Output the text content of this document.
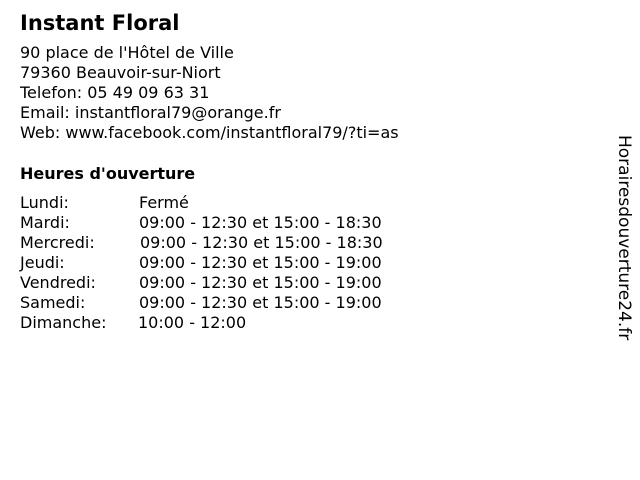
Instant Floral
90 place de l'Hôtel de Ville
79360 Beauvoir-sur-Niort
Telefon: 05 49 09 63 31
Email: instantfloral79@orange.fr
Web: www.facebook.com/instantfloral79/?ti=as
Heures d'ouverture
Lundi:	Fermé
Mardi:	09:00 - 12:30 et 15:00 - 18:30
Mercredi:	09:00 - 12:30 et 15:00 - 18:30
Jeudi:	09:00 - 12:30 et 15:00 - 19:00
Vendredi:	09:00 - 12:30 et 15:00 - 19:00
Samedi:	09:00 - 12:30 et 15:00 - 19:00
Dimanche: 10:00 - 12:00	Horairesdouverture24.fr
